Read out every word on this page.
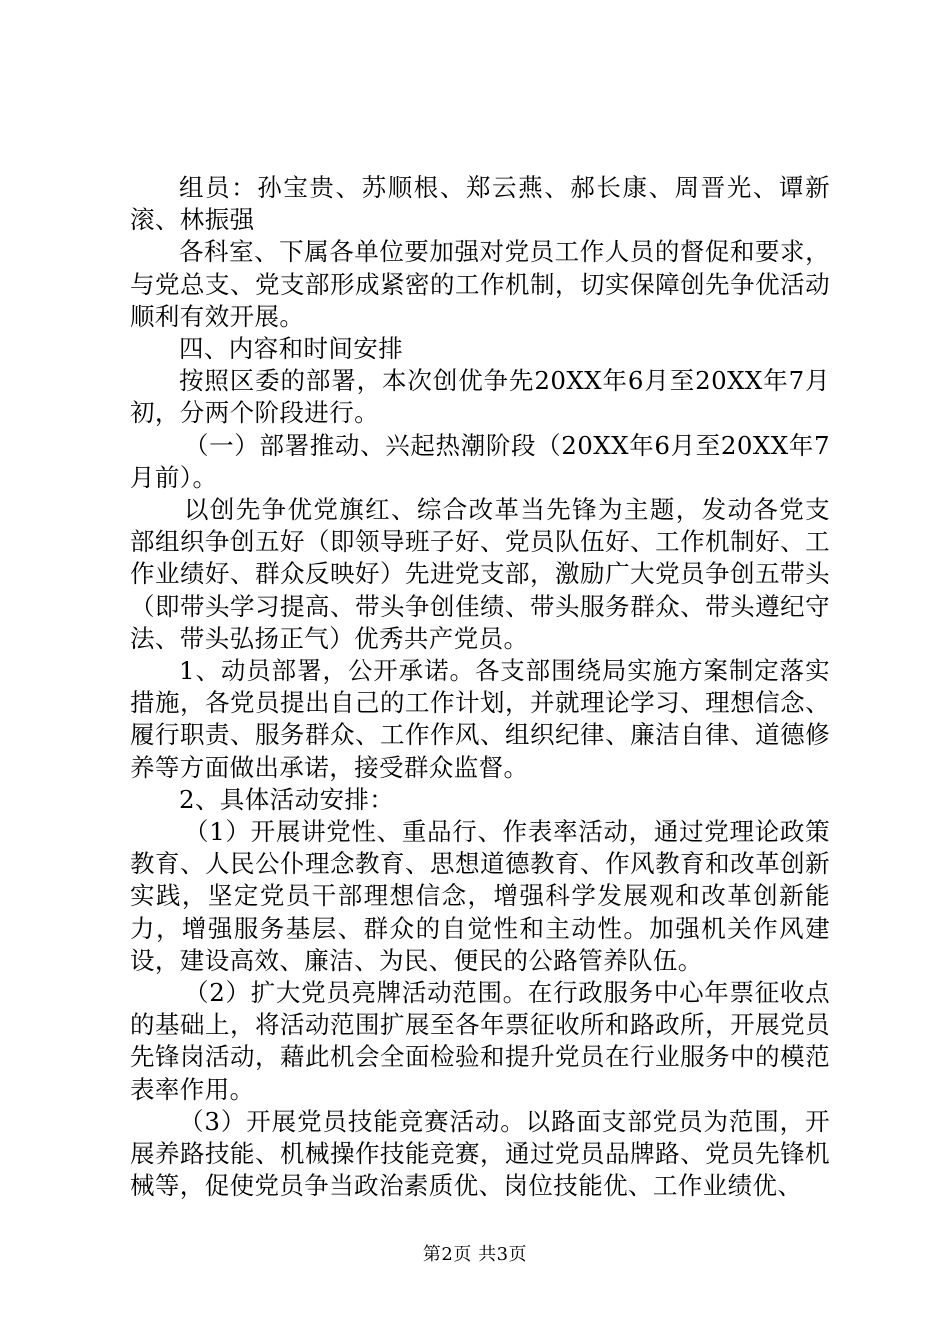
组员：孙宝贵、苏顺根、郑云燕、郝长康、周晋光、谭新滚、林振强

各科室、下属各单位要加强对党员工作人员的督促和要求，与党总支、党支部形成紧密的工作机制，切实保障创先争优活动顺利有效开展。

四、内容和时间安排

按照区委的部署，本次创优争先20XX年6月至20XX年7月初，分两个阶段进行。

（一）部署推动、兴起热潮阶段（20XX年6月至20XX年7月前）。

以创先争优党旗红、综合改革当先锋为主题，发动各党支部组织争创五好（即领导班子好、党员队伍好、工作机制好、工作业绩好、群众反映好）先进党支部，激励广大党员争创五带头（即带头学习提高、带头争创佳绩、带头服务群众、带头遵纪守法、带头弘扬正气）优秀共产党员。

1、动员部署，公开承诺。各支部围绕局实施方案制定落实措施，各党员提出自己的工作计划，并就理论学习、理想信念、履行职责、服务群众、工作作风、组织纪律、廉洁自律、道德修养等方面做出承诺，接受群众监督。

2、具体活动安排：

（1）开展讲党性、重品行、作表率活动，通过党理论政策教育、人民公仆理念教育、思想道德教育、作风教育和改革创新实践，坚定党员干部理想信念，增强科学发展观和改革创新能力，增强服务基层、群众的自觉性和主动性。加强机关作风建设，建设高效、廉洁、为民、便民的公路管养队伍。

（2）扩大党员亮牌活动范围。在行政服务中心年票征收点的基础上，将活动范围扩展至各年票征收所和路政所，开展党员先锋岗活动，藉此机会全面检验和提升党员在行业服务中的模范表率作用。

（3）开展党员技能竞赛活动。以路面支部党员为范围，开展养路技能、机械操作技能竞赛，通过党员品牌路、党员先锋机械等，促使党员争当政治素质优、岗位技能优、工作业绩优、

第2页 共3页
